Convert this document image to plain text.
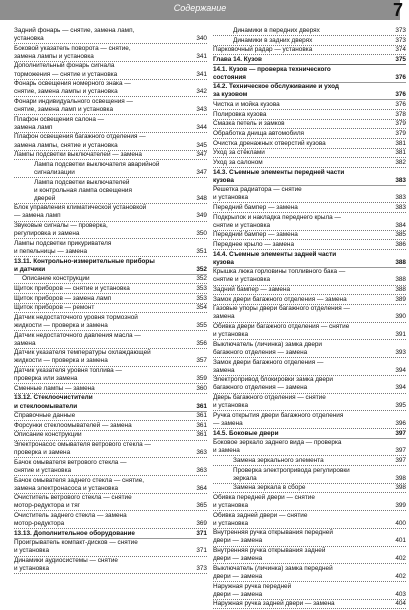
Содержание	7
Задний фонарь — снятие, замена ламп,
установка	340
Боковой указатель поворота — снятие,
замена лампы и установка	341
Дополнительный фонарь сигнала
торможения — снятие и установка	341
Фонарь освещения номерного знака —
снятие, замена лампы и установка	342
Фонари индивидуального освещения —
снятие, замена ламп и установка	343
Плафон освещения салона —
замена ламп	344
Плафон освещения багажного отделения —
замена лампы, снятие и установка	345
Лампы подсветки выключателей — замена	347
Лампа подсветки выключателя аварийной
сигнализации	347
Лампа подсветки выключателей
и контрольная лампа освещения
дверей	348
Блок управления климатической установкой
— замена ламп	349
Звуковые сигналы — проверка,
регулировка и замена	350
Лампы подсветки прикуривателя
и пепельницы — замена	351
13.11. Контрольно-измерительные приборы
и датчики	352
Описание конструкции	352
Щиток приборов — снятие и установка	353
Щиток приборов — замена ламп	353
Щиток приборов — ремонт	354
Датчик недостаточного уровня тормозной
жидкости — проверка и замена	355
Датчик недостаточного давления масла —
замена	356
Датчик указателя температуры охлаждающей
жидкости — проверка и замена	357
Датчик указателя уровня топлива —
проверка или замена	359
Сменные лампы — замена	360
13.12. Стеклоочистители
и стеклоомыватели	361
Справочные данные	361
Форсунки стеклоомывателей — замена	361
Описание конструкции	361
Электронасос омывателя ветрового стекла —
проверка и замена	363
Бачок омывателя ветрового стекла —
снятие и установка	363
Бачок омывателя заднего стекла — снятие,
замена электронасоса и установка	364
Очиститель ветрового стекла — снятие
мотор-редуктора и тяг	365
Очиститель заднего стекла — замена
мотор-редуктора	369
13.13. Дополнительное оборудование	371
Проигрыватель компакт-дисков — снятие
и установка	371
Динамики аудиосистемы — снятие
и установка	373
Динамики в передних дверях	373
Динамики в задних дверях	373
Парковочный радар — установка	374
Глава 14. Кузов	375
14.1. Кузов — проверка технического
состояния	376
14.2. Техническое обслуживание и уход
за кузовом	376
Чистка и мойка кузова	376
Полировка кузова	378
Смазка петель и замков	379
Обработка днища автомобиля	379
Очистка дренажных отверстий кузова	381
Уход за стёклами	381
Уход за салоном	382
14.3. Съемные элементы передней части
кузова	383
Решетка радиатора — снятие
и установка	383
Передний бампер — замена	383
Подкрылок и накладка переднего крыла —
снятие и установка	384
Передний бампер — замена	385
Переднее крыло — замена	386
14.4. Съемные элементы задней части
кузова	388
Крышка люка горловины топливного бака —
снятие и установка	388
Задний бампер — замена	388
Замок двери багажного отделения — замена	389
Газовые упоры двери багажного отделения —
замена	390
Обивка двери багажного отделения — снятие
и установка	391
Выключатель (личинка) замка двери
багажного отделения — замена	393
Замок двери багажного отделения —
замена	394
Электропривод блокировки замка двери
багажного отделения — замена	394
Дверь багажного отделения — снятие
и установка	395
Ручка открытия двери багажного отделения
— замена	396
14.5. Боковые двери	397
Боковое зеркало заднего вида — проверка
и замена	397
Замена зеркального элемента	397
Проверка электропривода регулировки
зеркала	398
Замена зеркала в сборе	398
Обивка передней двери — снятие
и установка	399
Обивка задней двери — снятие
и установка	400
Внутренняя ручка открывания передней
двери — замена	401
Внутренняя ручка открывания задней
двери — замена	402
Выключатель (личинка) замка передней
двери — замена	402
Наружная ручка передней
двери — замена	403
Наружная ручка задней двери — замена	404
